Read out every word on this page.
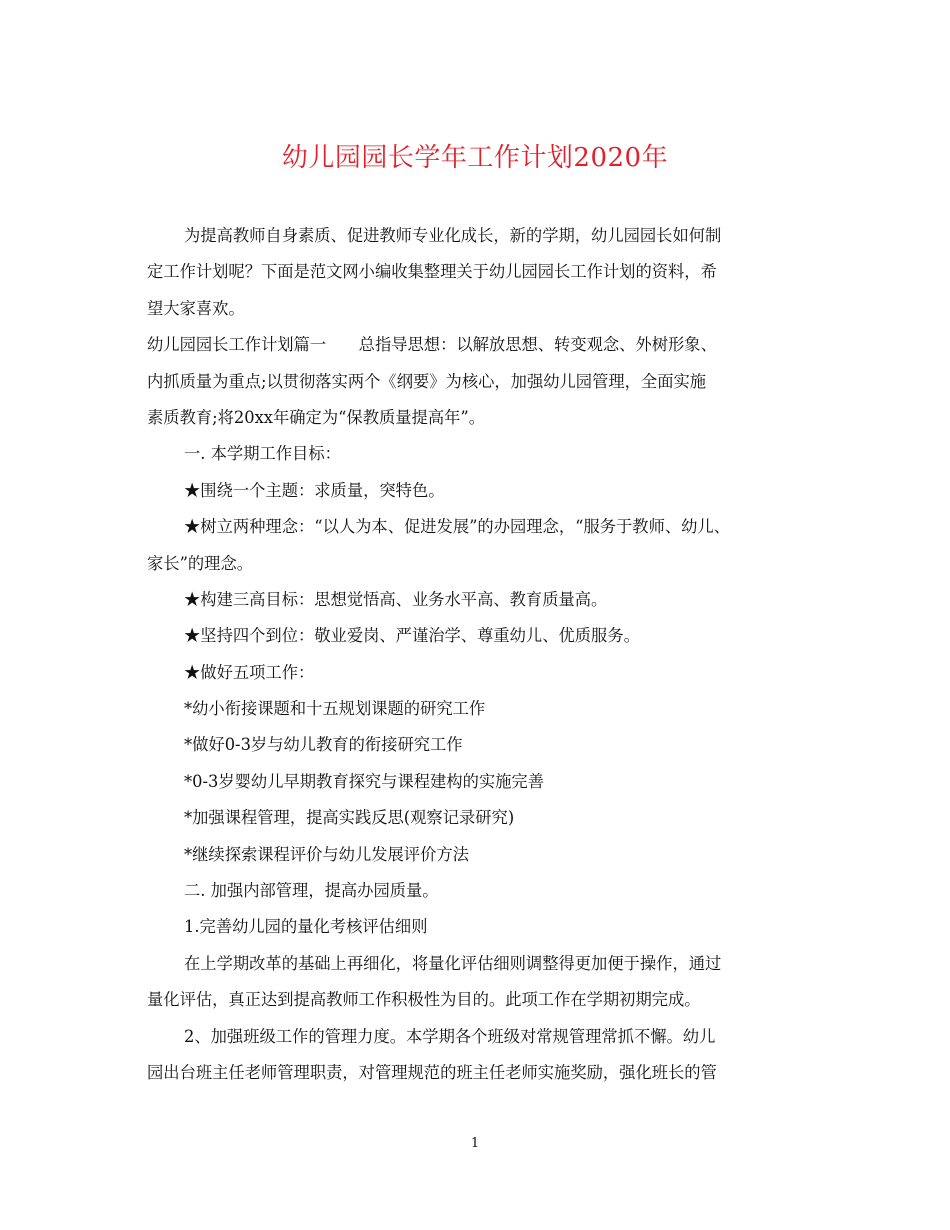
幼儿园园长学年工作计划2020年
为提高教师自身素质、促进教师专业化成长，新的学期，幼儿园园长如何制
定工作计划呢？下面是范文网小编收集整理关于幼儿园园长工作计划的资料，希
望大家喜欢。
幼儿园园长工作计划篇一　　总指导思想：以解放思想、转变观念、外树形象、
内抓质量为重点;以贯彻落实两个《纲要》为核心，加强幼儿园管理，全面实施
素质教育;将20xx年确定为“保教质量提高年”。
一. 本学期工作目标：
★围绕一个主题：求质量，突特色。
★树立两种理念：“以人为本、促进发展”的办园理念，“服务于教师、幼儿、
家长”的理念。
★构建三高目标：思想觉悟高、业务水平高、教育质量高。
★坚持四个到位：敬业爱岗、严谨治学、尊重幼儿、优质服务。
★做好五项工作：
*幼小衔接课题和十五规划课题的研究工作
*做好0-3岁与幼儿教育的衔接研究工作
*0-3岁婴幼儿早期教育探究与课程建构的实施完善
*加强课程管理，提高实践反思(观察记录研究)
*继续探索课程评价与幼儿发展评价方法
二. 加强内部管理，提高办园质量。
1.完善幼儿园的量化考核评估细则
在上学期改革的基础上再细化，将量化评估细则调整得更加便于操作，通过
量化评估，真正达到提高教师工作积极性为目的。此项工作在学期初期完成。
2、加强班级工作的管理力度。本学期各个班级对常规管理常抓不懈。幼儿
园出台班主任老师管理职责，对管理规范的班主任老师实施奖励，强化班长的管
1
